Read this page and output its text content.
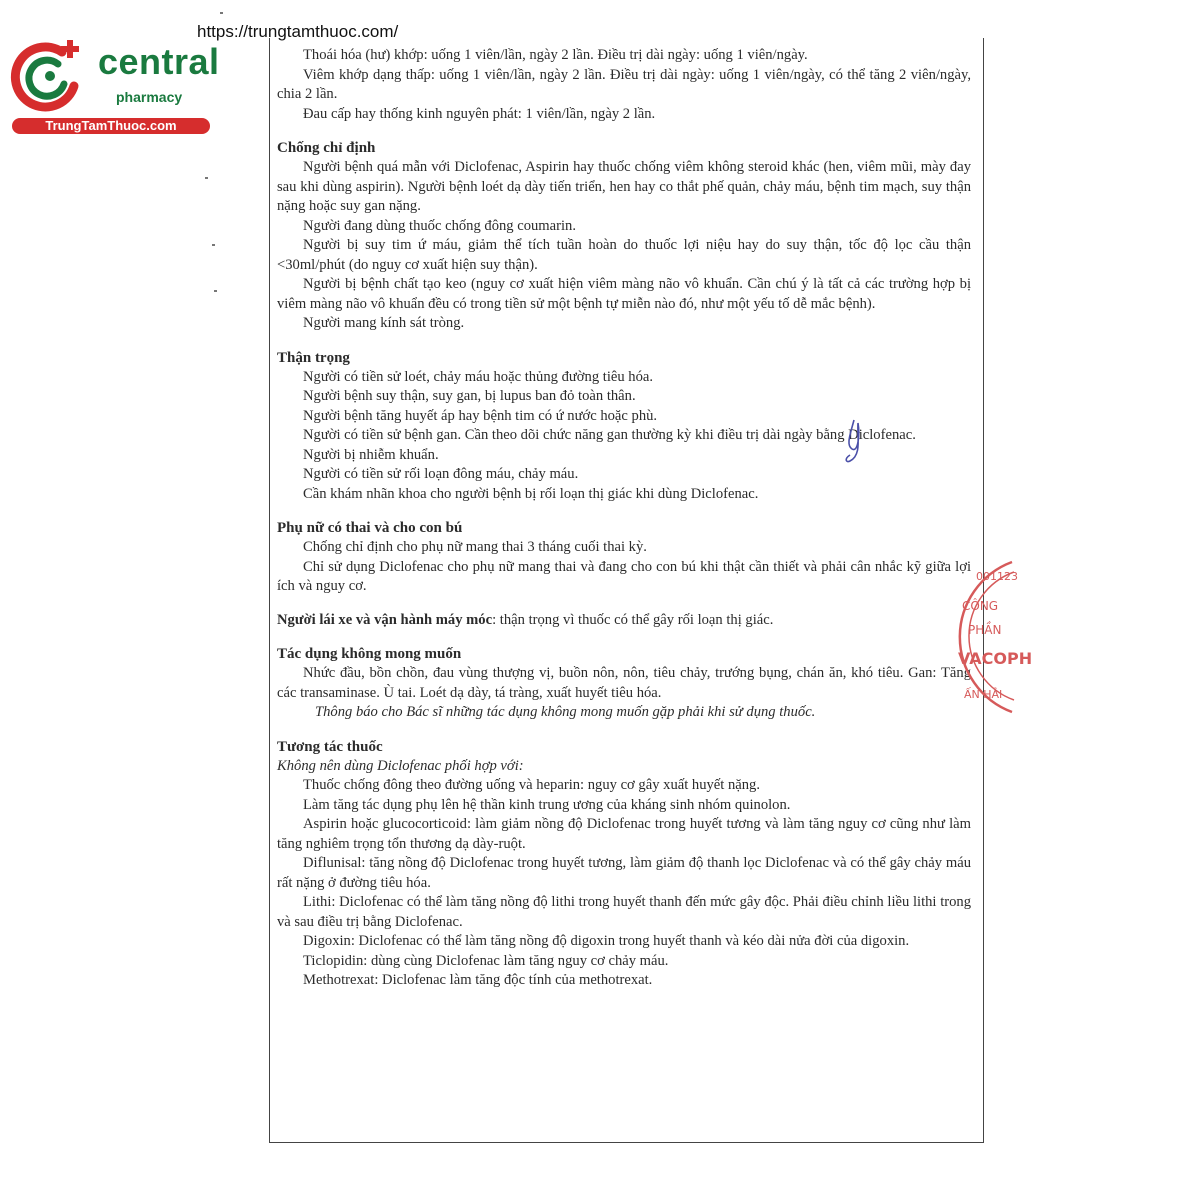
https://trungtamthuoc.com/
central
pharmacy
TrungTamThuoc.com

Thoái hóa (hư) khớp: uống 1 viên/lần, ngày 2 lần. Điều trị dài ngày: uống 1 viên/ngày.

Viêm khớp dạng thấp: uống 1 viên/lần, ngày 2 lần. Điều trị dài ngày: uống 1 viên/ngày, có thể tăng 2 viên/ngày, chia 2 lần.

Đau cấp hay thống kinh nguyên phát: 1 viên/lần, ngày 2 lần.

Chống chỉ định

Người bệnh quá mẫn với Diclofenac, Aspirin hay thuốc chống viêm không steroid khác (hen, viêm mũi, mày đay sau khi dùng aspirin). Người bệnh loét dạ dày tiến triển, hen hay co thắt phế quản, chảy máu, bệnh tim mạch, suy thận nặng hoặc suy gan nặng.

Người đang dùng thuốc chống đông coumarin.

Người bị suy tim ứ máu, giảm thể tích tuần hoàn do thuốc lợi niệu hay do suy thận, tốc độ lọc cầu thận <30ml/phút (do nguy cơ xuất hiện suy thận).

Người bị bệnh chất tạo keo (nguy cơ xuất hiện viêm màng não vô khuẩn. Cần chú ý là tất cả các trường hợp bị viêm màng não vô khuẩn đều có trong tiền sử một bệnh tự miễn nào đó, như một yếu tố dễ mắc bệnh).

Người mang kính sát tròng.

Thận trọng

Người có tiền sử loét, chảy máu hoặc thủng đường tiêu hóa.

Người bệnh suy thận, suy gan, bị lupus ban đỏ toàn thân.

Người bệnh tăng huyết áp hay bệnh tim có ứ nước hoặc phù.

Người có tiền sử bệnh gan. Cần theo dõi chức năng gan thường kỳ khi điều trị dài ngày bằng Diclofenac.

Người bị nhiễm khuẩn.

Người có tiền sử rối loạn đông máu, chảy máu.

Cần khám nhãn khoa cho người bệnh bị rối loạn thị giác khi dùng Diclofenac.

Phụ nữ có thai và cho con bú

Chống chỉ định cho phụ nữ mang thai 3 tháng cuối thai kỳ.

Chỉ sử dụng Diclofenac cho phụ nữ mang thai và đang cho con bú khi thật cần thiết và phải cân nhắc kỹ giữa lợi ích và nguy cơ.

Người lái xe và vận hành máy móc: thận trọng vì thuốc có thể gây rối loạn thị giác.

Tác dụng không mong muốn

Nhức đầu, bồn chồn, đau vùng thượng vị, buồn nôn, nôn, tiêu chảy, trướng bụng, chán ăn, khó tiêu. Gan: Tăng các transaminase. Ù tai. Loét dạ dày, tá tràng, xuất huyết tiêu hóa.

Thông báo cho Bác sĩ những tác dụng không mong muốn gặp phải khi sử dụng thuốc.

Tương tác thuốc

Không nên dùng Diclofenac phối hợp với:

Thuốc chống đông theo đường uống và heparin: nguy cơ gây xuất huyết nặng.

Làm tăng tác dụng phụ lên hệ thần kinh trung ương của kháng sinh nhóm quinolon.

Aspirin hoặc glucocorticoid: làm giảm nồng độ Diclofenac trong huyết tương và làm tăng nguy cơ cũng như làm tăng nghiêm trọng tổn thương dạ dày-ruột.

Diflunisal: tăng nồng độ Diclofenac trong huyết tương, làm giảm độ thanh lọc Diclofenac và có thể gây chảy máu rất nặng ở đường tiêu hóa.

Lithi: Diclofenac có thể làm tăng nồng độ lithi trong huyết thanh đến mức gây độc. Phải điều chỉnh liều lithi trong và sau điều trị bằng Diclofenac.

Digoxin: Diclofenac có thể làm tăng nồng độ digoxin trong huyết thanh và kéo dài nửa đời của digoxin.

Ticlopidin: dùng cùng Diclofenac làm tăng nguy cơ chảy máu.

Methotrexat: Diclofenac làm tăng độc tính của methotrexat.

001123
CÔNG
PHẦN
VACOPH
ẤN HẢI
